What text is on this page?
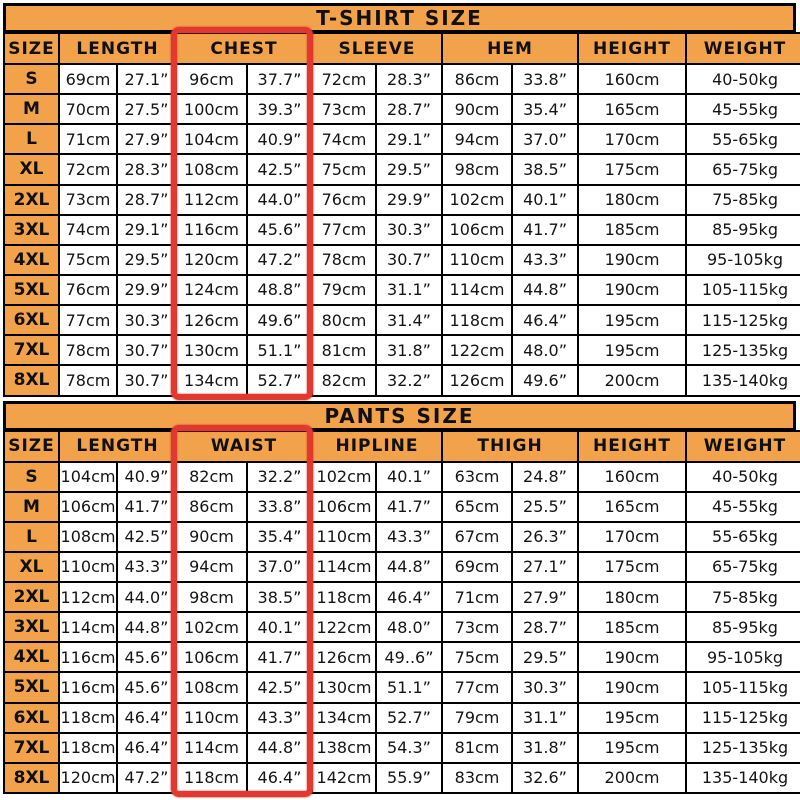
T-SHIRT SIZE
SIZE	LENGTH		CHEST		SLEEVE		HEM		HEIGHT	WEIGHT
S	69cm	27.1”	96cm	37.7”	72cm	28.3”	86cm	33.8”	160cm	40-50kg
M	70cm	27.5”	100cm	39.3”	73cm	28.7”	90cm	35.4”	165cm	45-55kg
L	71cm	27.9”	104cm	40.9”	74cm	29.1”	94cm	37.0”	170cm	55-65kg
XL	72cm	28.3”	108cm	42.5”	75cm	29.5”	98cm	38.5”	175cm	65-75kg
2XL	73cm	28.7”	112cm	44.0”	76cm	29.9”	102cm	40.1”	180cm	75-85kg
3XL	74cm	29.1”	116cm	45.6”	77cm	30.3”	106cm	41.7”	185cm	85-95kg
4XL	75cm	29.5”	120cm	47.2”	78cm	30.7”	110cm	43.3”	190cm	95-105kg
5XL	76cm	29.9”	124cm	48.8”	79cm	31.1”	114cm	44.8”	190cm	105-115kg
6XL	77cm	30.3”	126cm	49.6”	80cm	31.4”	118cm	46.4”	195cm	115-125kg
7XL	78cm	30.7”	130cm	51.1”	81cm	31.8”	122cm	48.0”	195cm	125-135kg
8XL	78cm	30.7”	134cm	52.7”	82cm	32.2”	126cm	49.6”	200cm	135-140kg
PANTS SIZE
SIZE	LENGTH		WAIST		HIPLINE		THIGH		HEIGHT	WEIGHT
S	104cm	40.9”	82cm	32.2”	102cm	40.1”	63cm	24.8”	160cm	40-50kg
M	106cm	41.7”	86cm	33.8”	106cm	41.7”	65cm	25.5”	165cm	45-55kg
L	108cm	42.5”	90cm	35.4”	110cm	43.3”	67cm	26.3”	170cm	55-65kg
XL	110cm	43.3”	94cm	37.0”	114cm	44.8”	69cm	27.1”	175cm	65-75kg
2XL	112cm	44.0”	98cm	38.5”	118cm	46.4”	71cm	27.9”	180cm	75-85kg
3XL	114cm	44.8”	102cm	40.1”	122cm	48.0”	73cm	28.7”	185cm	85-95kg
4XL	116cm	45.6”	106cm	41.7”	126cm	49..6”	75cm	29.5”	190cm	95-105kg
5XL	116cm	45.6”	108cm	42.5”	130cm	51.1”	77cm	30.3”	190cm	105-115kg
6XL	118cm	46.4”	110cm	43.3”	134cm	52.7”	79cm	31.1”	195cm	115-125kg
7XL	118cm	46.4”	114cm	44.8”	138cm	54.3”	81cm	31.8”	195cm	125-135kg
8XL	120cm	47.2”	118cm	46.4”	142cm	55.9”	83cm	32.6”	200cm	135-140kg
